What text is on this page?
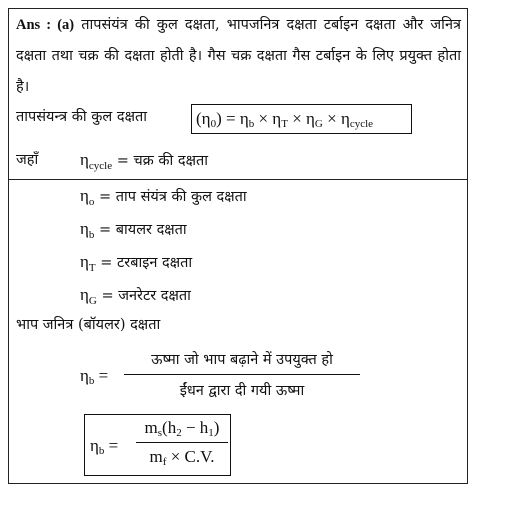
Ans : (a) तापसंयंत्र की कुल दक्षता, भापजनित्र दक्षता टर्बाइन दक्षता और जनित्र दक्षता तथा चक्र की दक्षता होती है। गैस चक्र दक्षता गैस टर्बाइन के लिए प्रयुक्त होता है।
तापसंयन्त्र की कुल दक्षता	$(\eta_0) = \eta_b \times \eta_T \times \eta_G \times \eta_{cycle}$
जहाँ $\eta_{cycle}$ = चक्र की दक्षता
$\eta_o$ = ताप संयंत्र की कुल दक्षता
$\eta_b$ = बायलर दक्षता
$\eta_T$ = टरबाइन दक्षता
$\eta_G$ = जनरेटर दक्षता
भाप जनित्र (बॉयलर) दक्षता
$\eta_b$ =
ऊष्मा जो भाप बढ़ाने में उपयुक्त हो
ईंधन द्वारा दी गयी ऊष्मा
$\eta_b$ =
$m_s(h_2 - h_1)$
$m_f \times C.V$.
